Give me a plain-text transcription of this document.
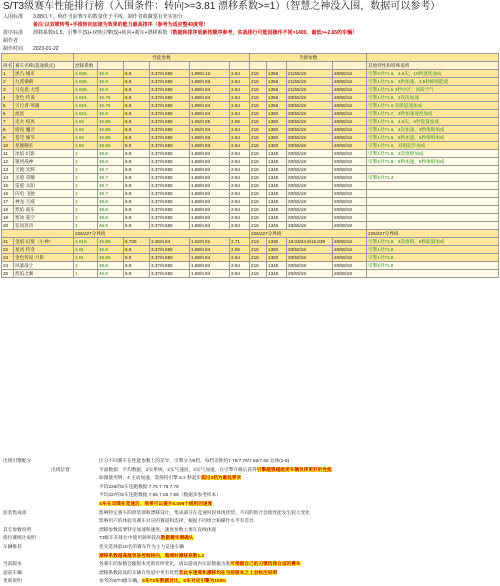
S/T3级赛车性能排行榜（入围条件：转向>=3.81 漂移系数>=1）（智慧之神没入围，数据可以参考）
入围标准 3.88以下，称作当前赛车的数量优于平线，制作者收藏要有充实加分
备注:以双喷转弯+手推转向加速为效果的能力最高排序（参考为适应整40度弯）
排序标准 漂移系数x1.5，引擎平(S)+双喷引擎(S)+转向+刹车+漂移系数（数据和排序更新按顺序参考，实战排行可能因操作不同>1400、最低>+2.65的车辆）
制作者
制作时间 2023-01-22
		性能参数						手感参数				
排名	赛车名称(超速模式)	漂移系数										其他特性和特殊说明
1	黑鸟·城市	1.025	46.9	6.9	3.37/0.655	1.99/0.12	2.64	216	1355	21/55/19	20/50/18	引擎2对71.6，3.5次，10秒速度加成
2	九霄乘鹤	1.025	46.9	6.9	3.37/0.655	1.88/0.93	2.64	216	1355	21/55/19	20/50/18	引擎1对71.5，3秒加速，3.5秒推喷能量
3	马克思·大型	1.025	46.9	6.9	3.37/0.655	1.88/0.94	2.64	216	1355	21/55/19	20/50/18	引擎1对71.5 3秒中区，回转空气
4	金色·传说	1.024	46.75	6.9	3.37/0.655	1.88/0.94	2.64	216	1355	20/55/18	20/50/18	引擎1对71.8，3次次加速
5	天行者·英雄	1.024	46.75	6.9	3.37/0.655	1.99/0.94	2.64	216	1355	20/55/18	20/50/18	引擎1对71.6 双喷提速加成
6	流星	1.022	46.6	6.9	3.37/0.655	1.88/0.94	2.64	216	1350	20/55/18	20/50/18	引擎1对71.7，3秒加速速度加成
7	炎火·疾风	1.02	46.55	6.9	3.37/0.655	1.95/0.05	2.65	215	1350	20/55/18	20/50/18	引擎1对71.6，3.5次，5秒能量加成
8	暗夜·魔刃	1.02	46.55	6.9	3.37/0.655	1.95/0.04	2.64	215	1350	20/55/18	20/50/18	引擎1对71.6，3次加速，3秒推喷加成
9	苍穹·修罗	1.02	46.55	6.9	3.37/0.655	1.88/0.93	2.64	215	1350	20/55/18	20/50/18	引擎1对71.5，5秒加速，5秒推喷加成
10	星舰舰长	1.02	46.55	6.9	3.37/0.655	1.88/0.93	2.64	215	1350	20/55/18	20/50/18	引擎1对71.6，双喷起步加成
11	冰焰·幻影	1	46.5	6.9	3.37/0.655	1.88/0.94	2.64	216	1345	20/55/18	20/50/18	引擎1对71.6，3次推喷加成
12	银河战神	1	46.8	6.9	3.37/0.655	1.88/0.94	2.64	216	1345	20/55/18	20/50/18	引擎1对71.8，5秒加速，5秒推喷加成
13	天使·光辉	1	46.7	6.9	3.37/0.655	1.88/0.94	2.64	216	1345	20/55/18	20/50/18	
14	圣骑·荣耀	1	46.7	6.9	3.37/0.655	1.88/0.94	2.64	216	1345	20/55/18	20/50/18	引擎1对71.4
15	雷霆·太阳	1	46.7	6.9	3.37/0.655	1.88/0.94	2.64	216	1345	20/55/18	20/50/18	
16	闪电·飞驰	1	46.7	6.9	3.37/0.655	1.88/0.94	2.64	216	1345	20/55/18	20/50/18	
17	神龙·天威	1	46.6	6.9	3.37/0.655	1.88/0.94	2.64	216	1345	20/55/18	20/50/18	
18	烈焰·战车	1	46.6	6.9	3.37/0.655	1.88/0.94	2.64	216	1345	20/55/18	20/50/18	
19	寒冰·裂空	1	46.6	6.9	3.37/0.655	1.88/0.94	2.64	216	1345	20/55/18	20/50/18	
20	狂风怒涛	1	46.6	6.9	3.37/0.655	1.88/0.94	2.64	216	1345	20/55/18	20/50/18	
		226/227分界线						226/227分界线				226/227分界线
21	金焰·幻境（小神）	1.018	45.55	6.739	3.35/0.64	1.92/0.01	2.71	213	1335	18.03/34.9/15.039	20/50/18	引擎1对71.8，3次推喷，5秒能量加成
22	星河·传奇	1.01	46.6	6.9	3.37/0.655	1.88/0.94	2.65	216	1350	20/50/18	20/50/18	引擎1对71.8
23	金色传说·月影	1.01	46.65	6.9	3.37/0.655	1.88/0.94	2.64	216	1350	20/50/18	20/50/18	引擎1对71.8
24	风暴战士	1	46.6	6.9	3.37/0.655	1.88/0.94	2.64	216	1345	20/50/18	20/50/18	引擎1对71.8
25	烈焰之翼	1	46.6	6.9	3.37/0.655	1.88/0.94	2.64	216	1345	20/50/18	20/50/18	
出现引擎配分	区分不同赛车在性能参数上的差异，引擎分为5档，每档差距约7.75/7.75/7.65/7.65 总体(1-5)
出现位置	平面数据：平均数据，2实系统，2实气速度，2实气加速，在引擎升级后获得引擎越强越能使车辆发挥更好的性能
如图使用例：4 主动加速、需保持引擎 5.2 秒起步超过3档为最低要求
平均226的S车连跑数据 7.75 7.75 7.75
平均227的S车连跑数据 7.65 7.65 7.65（数据多参考样本）
S车在双喷在竞速后，效果可以提升0.006个级别的速度
原装集成项	影响特定赛车的原装项和漂移设计，集成部分在竞速时段体现优势，不同的组合会使性能发生较大变化
影响用户的体验及赛车对应的赛道和选择，根据不同组合和操作水平有差异
其它参数说明	漂移参数需要特定加速和速度，速度参数主要在直线体现
排位赛统计说明	T3级车在排位中使用频率较高数据需实测确认
车辆推荐	优先选择前10名的赛车作为主力竞速车辆
漂移系数越高越容易控制转向，集喷时漂移系数1.3
当前版本	各赛车的参数会随版本更新有所变化，请以游戏内实际数据为准可根据自己的习惯选择合适的赛车
超前车辆	漂移系数较高的车辆在弯道中更有优势若此车速度和漂移均在当前版本之上会标注说明
更新说明	参考的S/T3级车辆，S车T3车数据对比，S车对应引擎为100%
